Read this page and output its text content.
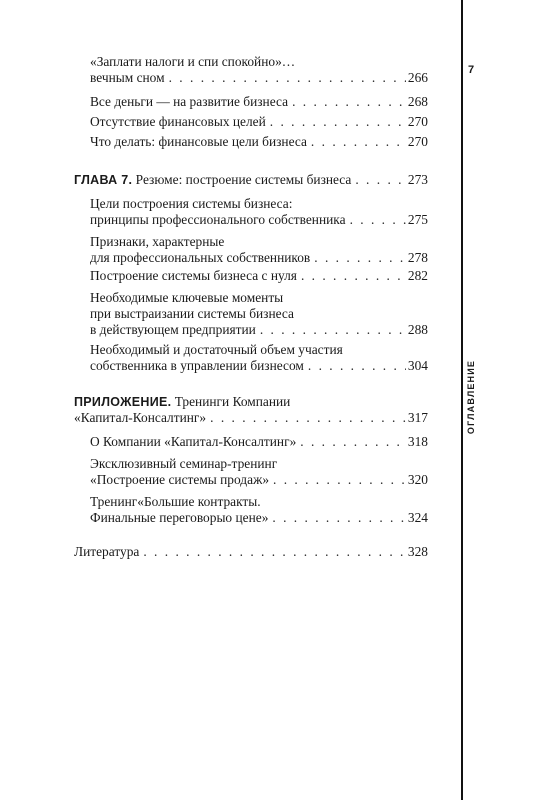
7
ОГЛАВЛЕНИЕ
«Заплати налоги и спи спокойно»…
вечным сном . . .	266
Все деньги — на развитие бизнеса . . .	268
Отсутствие финансовых целей . . .	270
Что делать: финансовые цели бизнеса . . .	270
ГЛАВА 7. Резюме: построение системы бизнеса . . .	273
Цели построения системы бизнеса:
принципы профессионального собственника . . .	275
Признаки, характерные
для профессиональных собственников . . .	278
Построение системы бизнеса с нуля . . .	282
Необходимые ключевые моменты
при выстраизании системы бизнеса
в действующем предприятии . . .	288
Необходимый и достаточный объем участия
собственника в управлении бизнесом . . .	304
ПРИЛОЖЕНИЕ. Тренинги Компании
«Капитал-Консалтинг» . . .	317
О Компании «Капитал-Консалтинг» . . .	318
Эксклюзивный семинар-тренинг
«Построение системы продаж» . . .	320
Тренинг«Большие контракты.
Финальные переговорыо цене» . . .	324
Литература . . .	328
